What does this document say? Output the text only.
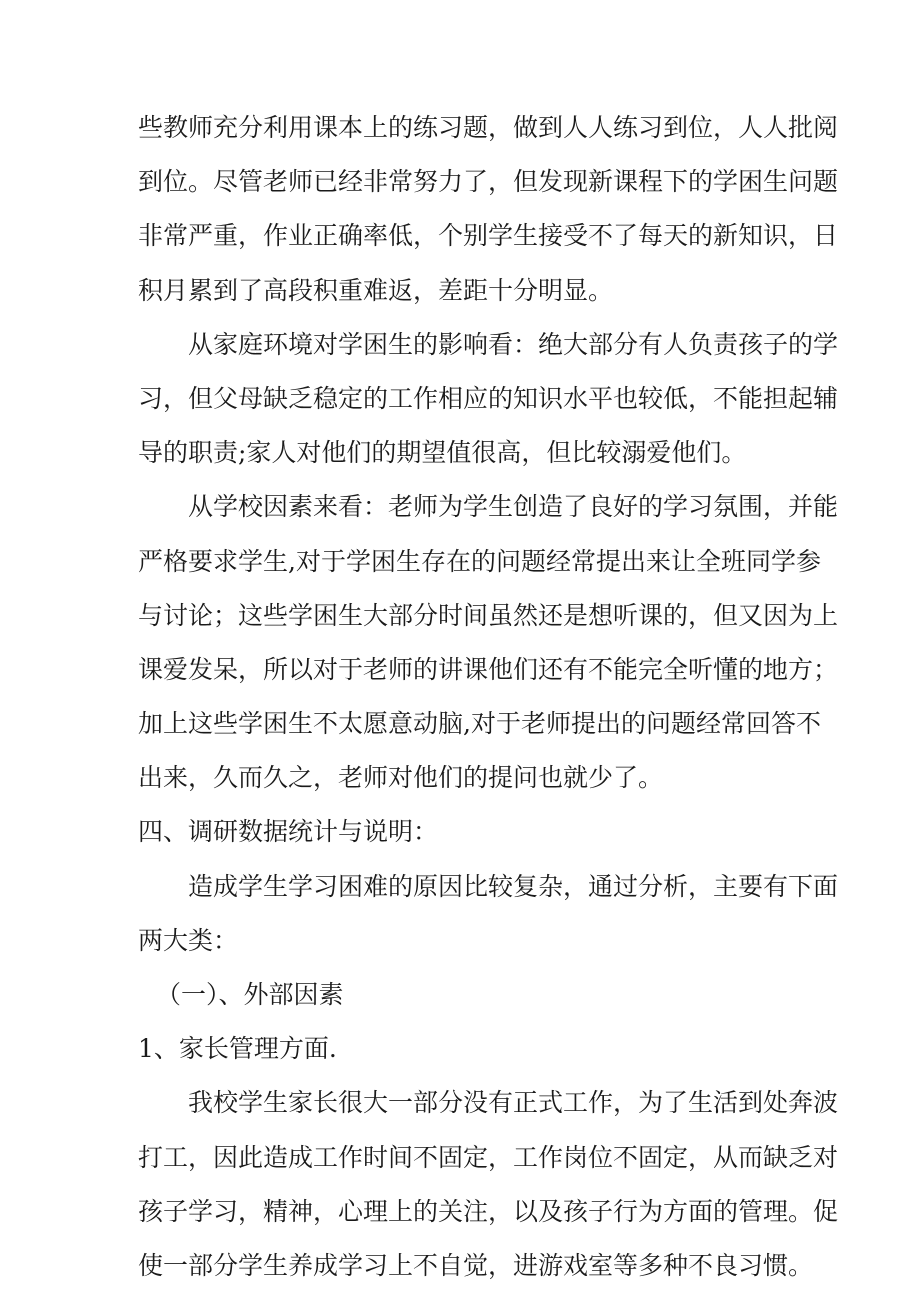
些教师充分利用课本上的练习题，做到人人练习到位，人人批阅
到位。尽管老师已经非常努力了，但发现新课程下的学困生问题
非常严重，作业正确率低，个别学生接受不了每天的新知识，日
积月累到了高段积重难返，差距十分明显。
从家庭环境对学困生的影响看：绝大部分有人负责孩子的学
习，但父母缺乏稳定的工作相应的知识水平也较低，不能担起辅
导的职责;家人对他们的期望值很高，但比较溺爱他们。
从学校因素来看：老师为学生创造了良好的学习氛围，并能
严格要求学生,对于学困生存在的问题经常提出来让全班同学参
与讨论；这些学困生大部分时间虽然还是想听课的，但又因为上
课爱发呆，所以对于老师的讲课他们还有不能完全听懂的地方；
加上这些学困生不太愿意动脑,对于老师提出的问题经常回答不
出来，久而久之，老师对他们的提问也就少了。
四、调研数据统计与说明：
造成学生学习困难的原因比较复杂，通过分析，主要有下面
两大类：
（一）、外部因素
1、家长管理方面.
我校学生家长很大一部分没有正式工作，为了生活到处奔波
打工，因此造成工作时间不固定，工作岗位不固定，从而缺乏对
孩子学习，精神，心理上的关注，以及孩子行为方面的管理。促
使一部分学生养成学习上不自觉，进游戏室等多种不良习惯。
